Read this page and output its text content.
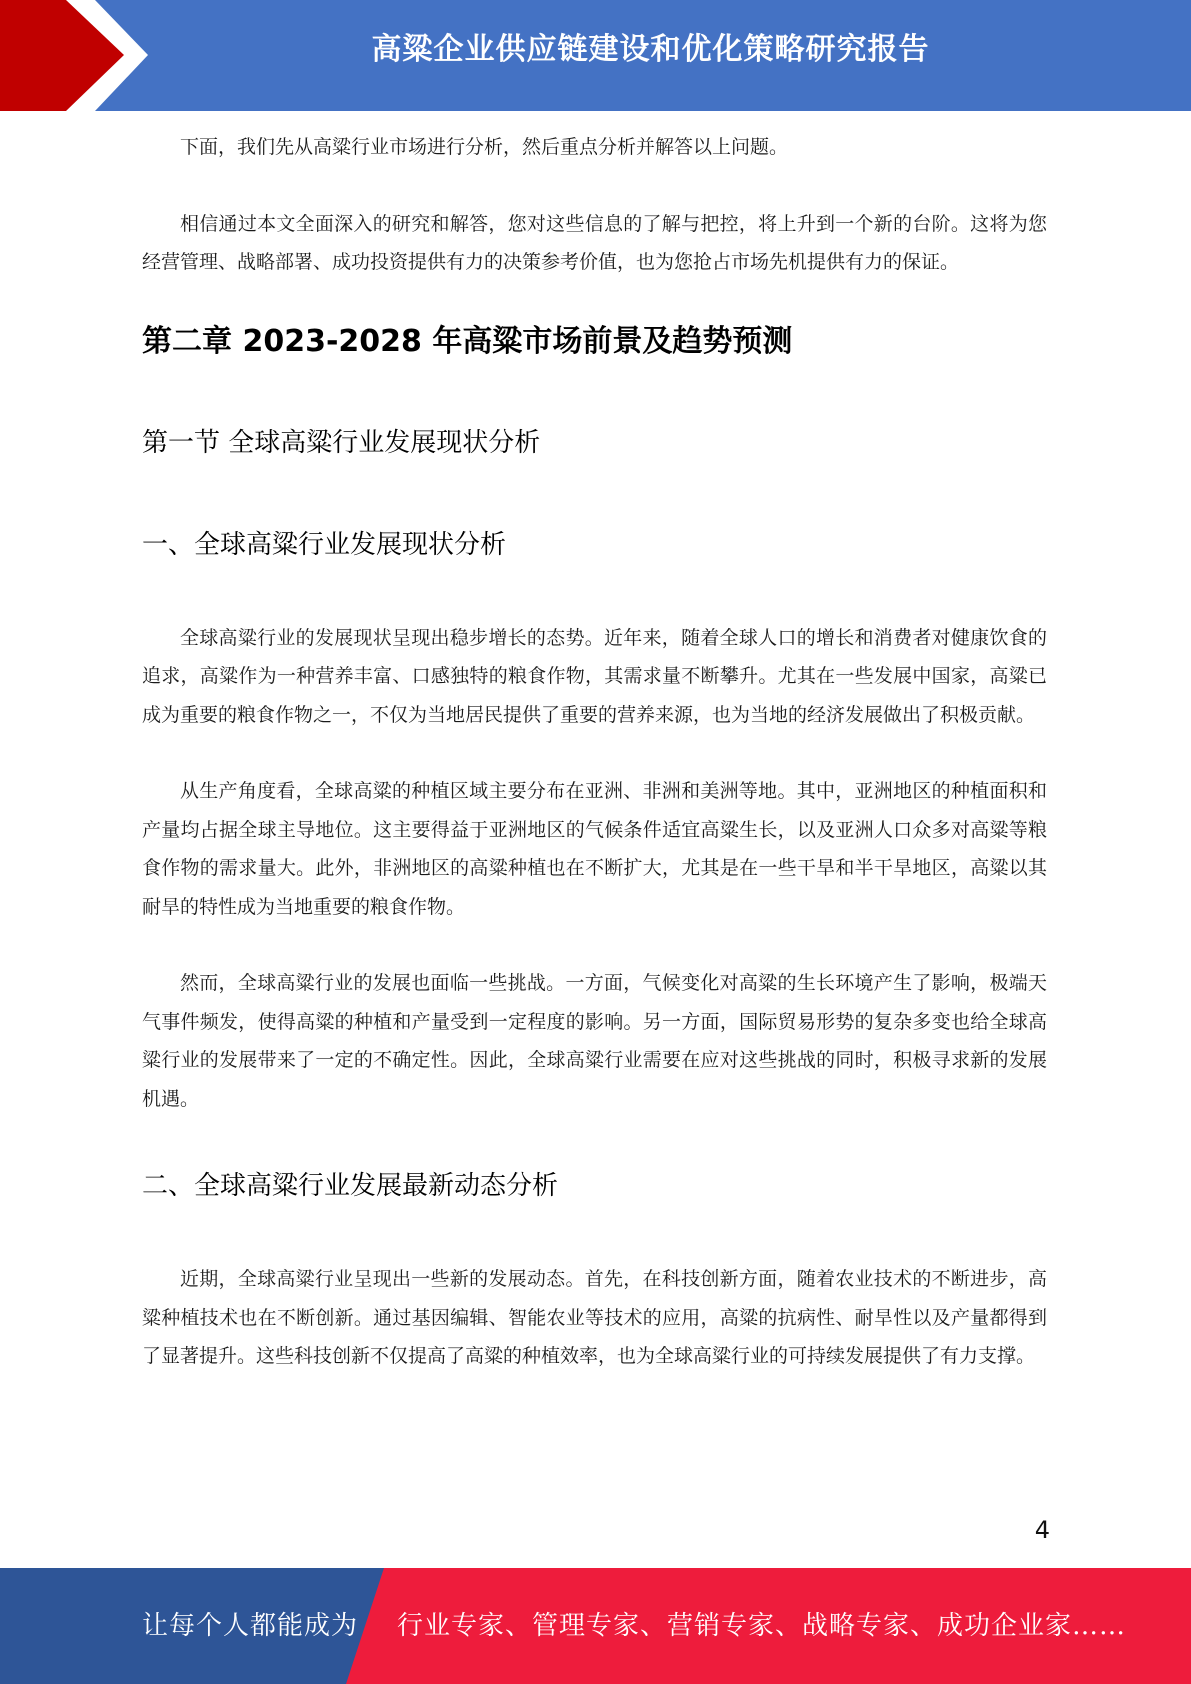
高粱企业供应链建设和优化策略研究报告

下面，我们先从高粱行业市场进行分析，然后重点分析并解答以上问题。

相信通过本文全面深入的研究和解答，您对这些信息的了解与把控，将上升到一个新的台阶。这将为您经营管理、战略部署、成功投资提供有力的决策参考价值，也为您抢占市场先机提供有力的保证。

第二章 2023-2028 年高粱市场前景及趋势预测
第一节 全球高粱行业发展现状分析
一、全球高粱行业发展现状分析

全球高粱行业的发展现状呈现出稳步增长的态势。近年来，随着全球人口的增长和消费者对健康饮食的追求，高粱作为一种营养丰富、口感独特的粮食作物，其需求量不断攀升。尤其在一些发展中国家，高粱已成为重要的粮食作物之一，不仅为当地居民提供了重要的营养来源，也为当地的经济发展做出了积极贡献。

从生产角度看，全球高粱的种植区域主要分布在亚洲、非洲和美洲等地。其中，亚洲地区的种植面积和产量均占据全球主导地位。这主要得益于亚洲地区的气候条件适宜高粱生长，以及亚洲人口众多对高粱等粮食作物的需求量大。此外，非洲地区的高粱种植也在不断扩大，尤其是在一些干旱和半干旱地区，高粱以其耐旱的特性成为当地重要的粮食作物。

然而，全球高粱行业的发展也面临一些挑战。一方面，气候变化对高粱的生长环境产生了影响，极端天气事件频发，使得高粱的种植和产量受到一定程度的影响。另一方面，国际贸易形势的复杂多变也给全球高粱行业的发展带来了一定的不确定性。因此，全球高粱行业需要在应对这些挑战的同时，积极寻求新的发展机遇。

二、全球高粱行业发展最新动态分析

近期，全球高粱行业呈现出一些新的发展动态。首先，在科技创新方面，随着农业技术的不断进步，高粱种植技术也在不断创新。通过基因编辑、智能农业等技术的应用，高粱的抗病性、耐旱性以及产量都得到了显著提升。这些科技创新不仅提高了高粱的种植效率，也为全球高粱行业的可持续发展提供了有力支撑。

4
让每个人都能成为 行业专家、管理专家、营销专家、战略专家、成功企业家……
